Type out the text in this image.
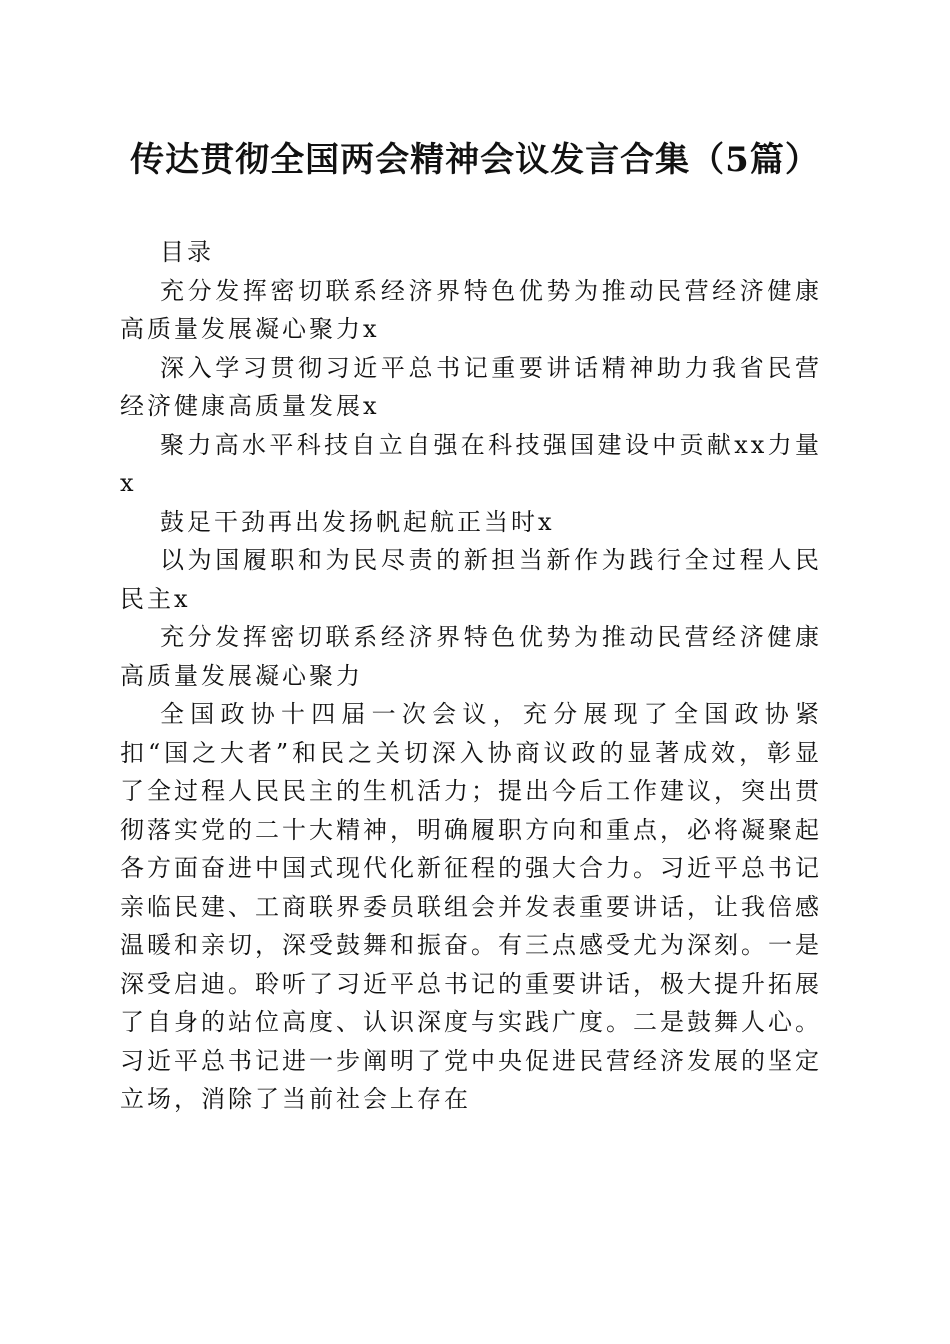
传达贯彻全国两会精神会议发言合集（5篇）

目录

充分发挥密切联系经济界特色优势为推动民营经济健康高质量发展凝心聚力x

深入学习贯彻习近平总书记重要讲话精神助力我省民营经济健康高质量发展x

聚力高水平科技自立自强在科技强国建设中贡献xx力量x

鼓足干劲再出发扬帆起航正当时x

以为国履职和为民尽责的新担当新作为践行全过程人民民主x

充分发挥密切联系经济界特色优势为推动民营经济健康高质量发展凝心聚力

全国政协十四届一次会议，充分展现了全国政协紧扣“国之大者”和民之关切深入协商议政的显著成效，彰显了全过程人民民主的生机活力；提出今后工作建议，突出贯彻落实党的二十大精神，明确履职方向和重点，必将凝聚起各方面奋进中国式现代化新征程的强大合力。习近平总书记亲临民建、工商联界委员联组会并发表重要讲话，让我倍感温暖和亲切，深受鼓舞和振奋。有三点感受尤为深刻。一是深受启迪。聆听了习近平总书记的重要讲话，极大提升拓展了自身的站位高度、认识深度与实践广度。二是鼓舞人心。习近平总书记进一步阐明了党中央促进民营经济发展的坚定立场，消除了当前社会上存在
